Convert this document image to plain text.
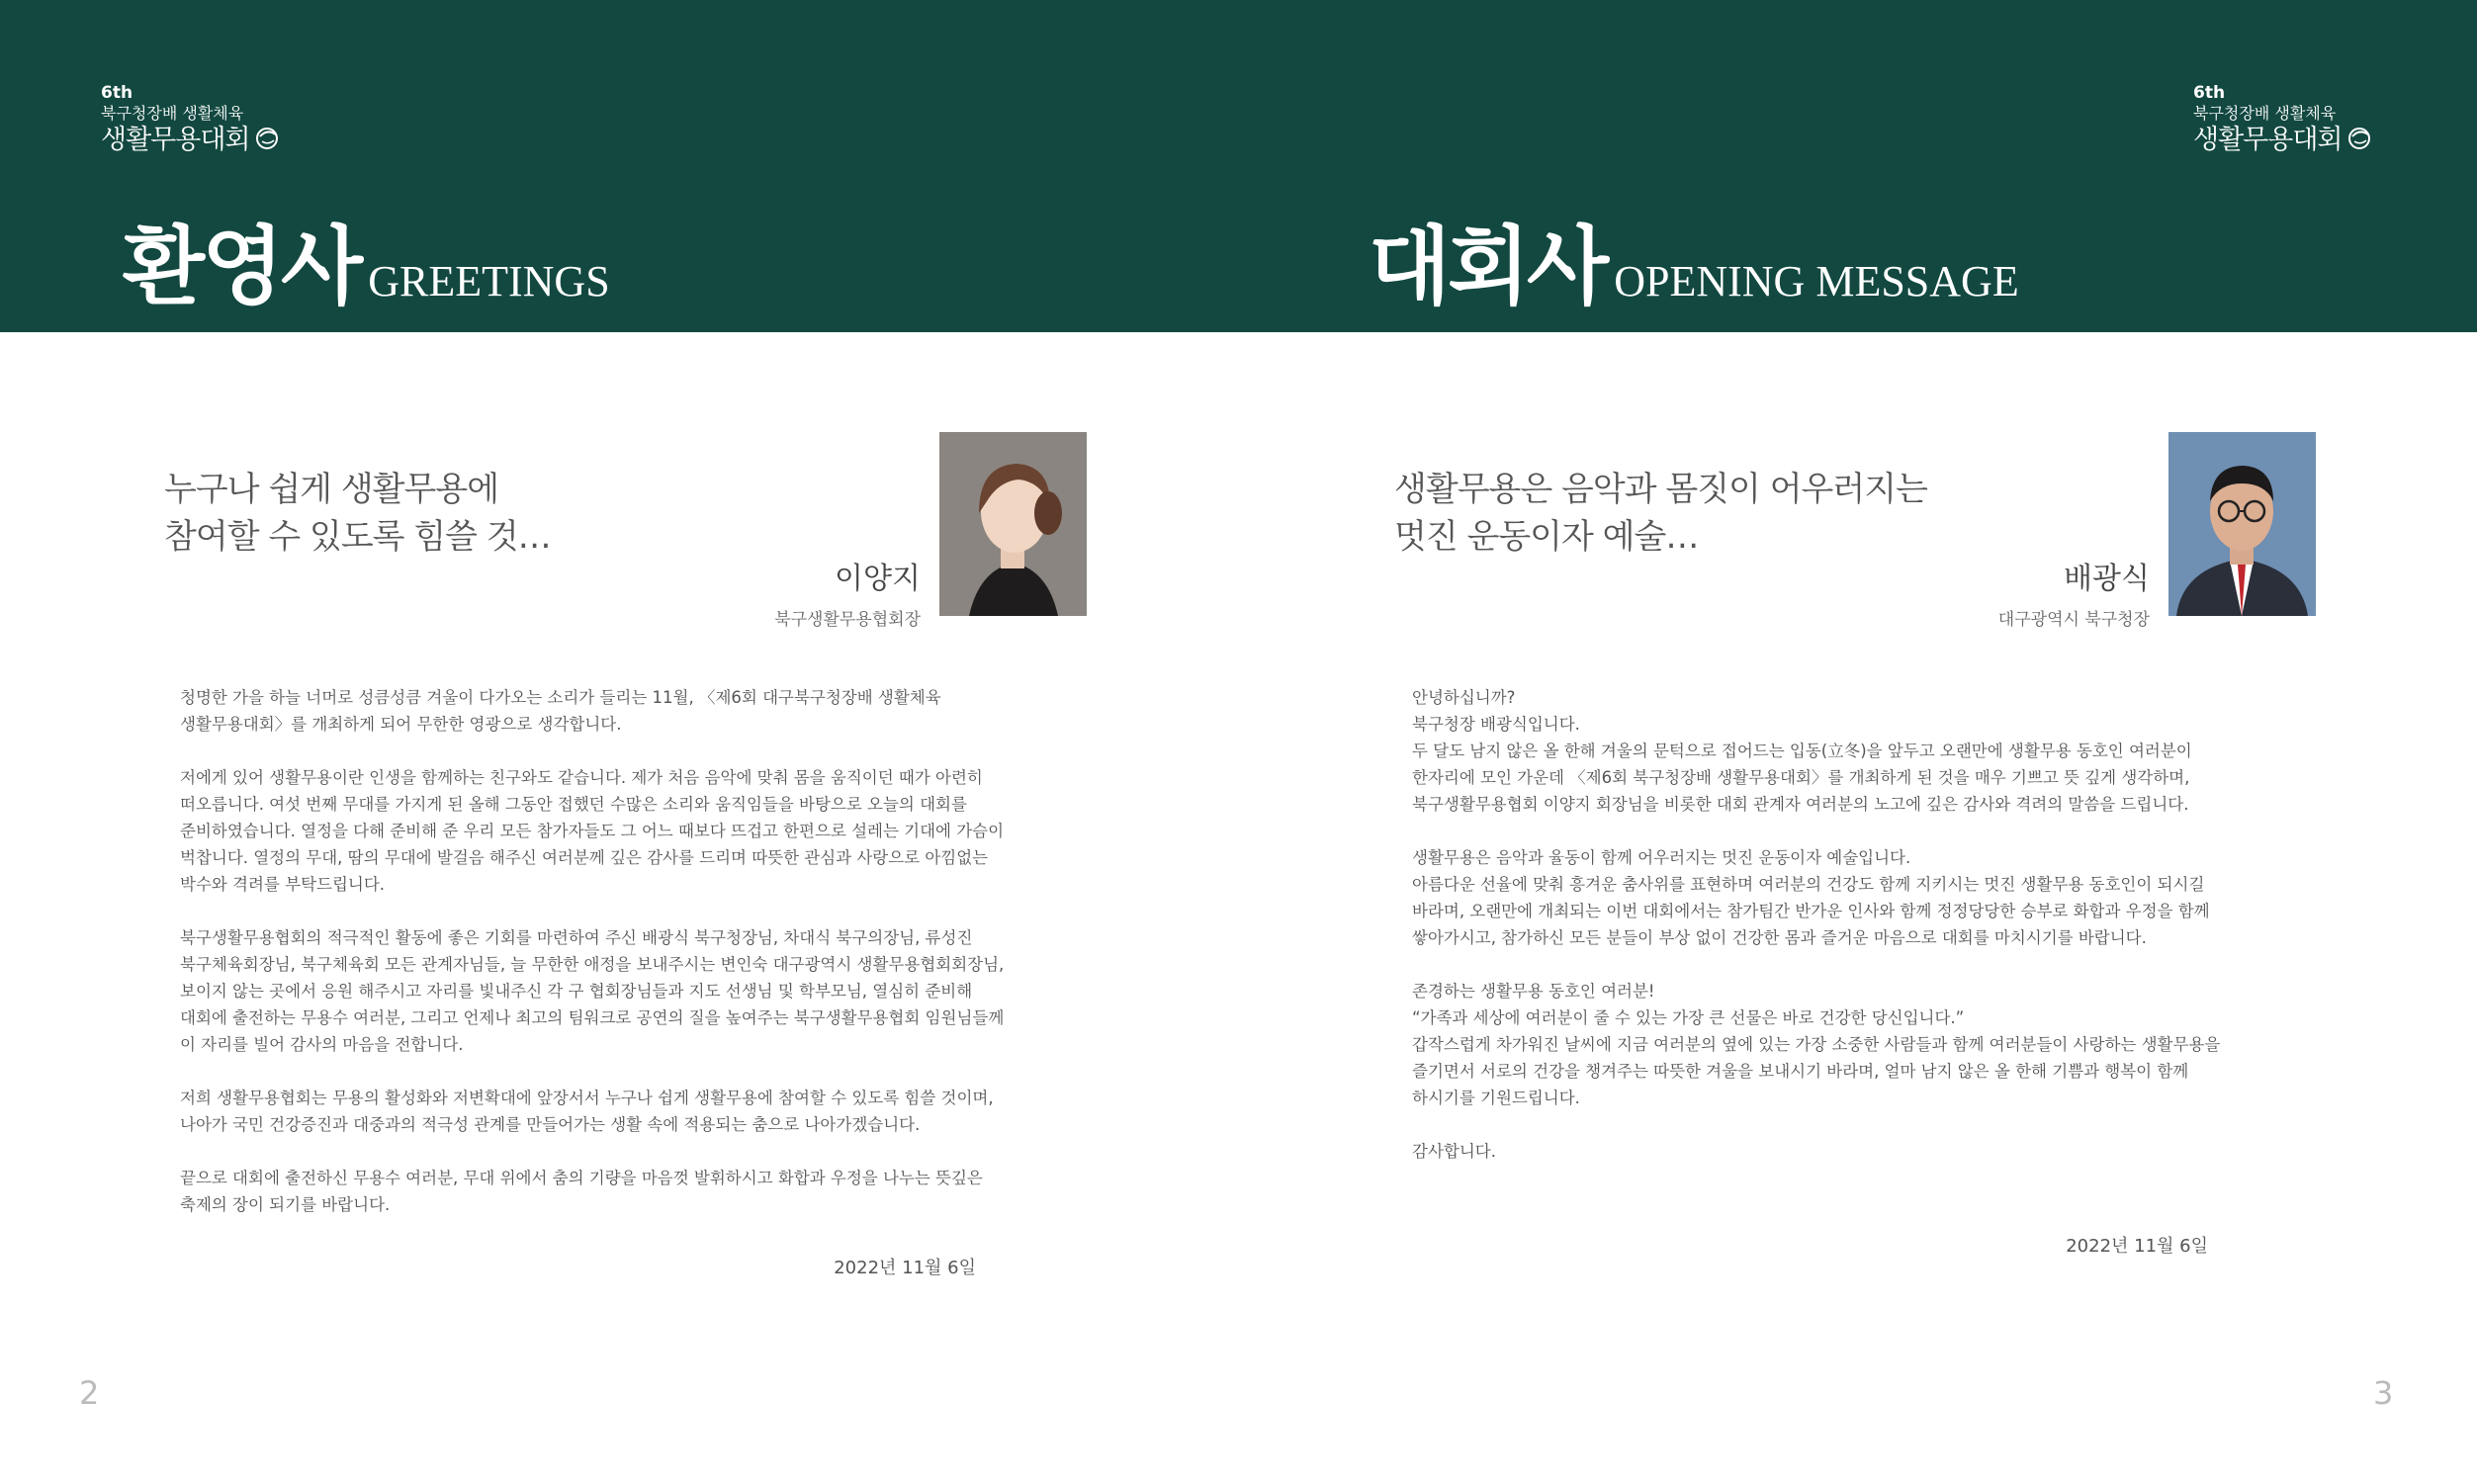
6th
북구청장배 생활체육
생활무용대회
6th
북구청장배 생활체육
생활무용대회
환영사 GREETINGS	대회사 OPENING MESSAGE
누구나 쉽게 생활무용에
참여할 수 있도록 힘쓸 것…
이양지
북구생활무용협회장
청명한 가을 하늘 너머로 성큼성큼 겨울이 다가오는 소리가 들리는 11월, 〈제6회 대구북구청장배 생활체육
생활무용대회〉를 개최하게 되어 무한한 영광으로 생각합니다.
저에게 있어 생활무용이란 인생을 함께하는 친구와도 같습니다. 제가 처음 음악에 맞춰 몸을 움직이던 때가 아련히
떠오릅니다. 여섯 번째 무대를 가지게 된 올해 그동안 접했던 수많은 소리와 움직임들을 바탕으로 오늘의 대회를
준비하였습니다. 열정을 다해 준비해 준 우리 모든 참가자들도 그 어느 때보다 뜨겁고 한편으로 설레는 기대에 가슴이
벅찹니다. 열정의 무대, 땀의 무대에 발걸음 해주신 여러분께 깊은 감사를 드리며 따뜻한 관심과 사랑으로 아낌없는
박수와 격려를 부탁드립니다.
북구생활무용협회의 적극적인 활동에 좋은 기회를 마련하여 주신 배광식 북구청장님, 차대식 북구의장님, 류성진
북구체육회장님, 북구체육회 모든 관계자님들, 늘 무한한 애정을 보내주시는 변인숙 대구광역시 생활무용협회회장님,
보이지 않는 곳에서 응원 해주시고 자리를 빛내주신 각 구 협회장님들과 지도 선생님 및 학부모님, 열심히 준비해
대회에 출전하는 무용수 여러분, 그리고 언제나 최고의 팀워크로 공연의 질을 높여주는 북구생활무용협회 임원님들께
이 자리를 빌어 감사의 마음을 전합니다.
저희 생활무용협회는 무용의 활성화와 저변확대에 앞장서서 누구나 쉽게 생활무용에 참여할 수 있도록 힘쓸 것이며,
나아가 국민 건강증진과 대중과의 적극성 관계를 만들어가는 생활 속에 적용되는 춤으로 나아가겠습니다.
끝으로 대회에 출전하신 무용수 여러분, 무대 위에서 춤의 기량을 마음껏 발휘하시고 화합과 우정을 나누는 뜻깊은
축제의 장이 되기를 바랍니다.
2022년 11월 6일
2
생활무용은 음악과 몸짓이 어우러지는
멋진 운동이자 예술…
배광식
대구광역시 북구청장
안녕하십니까?
북구청장 배광식입니다.
두 달도 남지 않은 올 한해 겨울의 문턱으로 접어드는 입동(立冬)을 앞두고 오랜만에 생활무용 동호인 여러분이
한자리에 모인 가운데 〈제6회 북구청장배 생활무용대회〉를 개최하게 된 것을 매우 기쁘고 뜻 깊게 생각하며,
북구생활무용협회 이양지 회장님을 비롯한 대회 관계자 여러분의 노고에 깊은 감사와 격려의 말씀을 드립니다.
생활무용은 음악과 율동이 함께 어우러지는 멋진 운동이자 예술입니다.
아름다운 선율에 맞춰 흥겨운 춤사위를 표현하며 여러분의 건강도 함께 지키시는 멋진 생활무용 동호인이 되시길
바라며, 오랜만에 개최되는 이번 대회에서는 참가팀간 반가운 인사와 함께 정정당당한 승부로 화합과 우정을 함께
쌓아가시고, 참가하신 모든 분들이 부상 없이 건강한 몸과 즐거운 마음으로 대회를 마치시기를 바랍니다.
존경하는 생활무용 동호인 여러분!
“가족과 세상에 여러분이 줄 수 있는 가장 큰 선물은 바로 건강한 당신입니다.”
갑작스럽게 차가워진 날씨에 지금 여러분의 옆에 있는 가장 소중한 사람들과 함께 여러분들이 사랑하는 생활무용을
즐기면서 서로의 건강을 챙겨주는 따뜻한 겨울을 보내시기 바라며, 얼마 남지 않은 올 한해 기쁨과 행복이 함께
하시기를 기원드립니다.
감사합니다.
2022년 11월 6일
3
